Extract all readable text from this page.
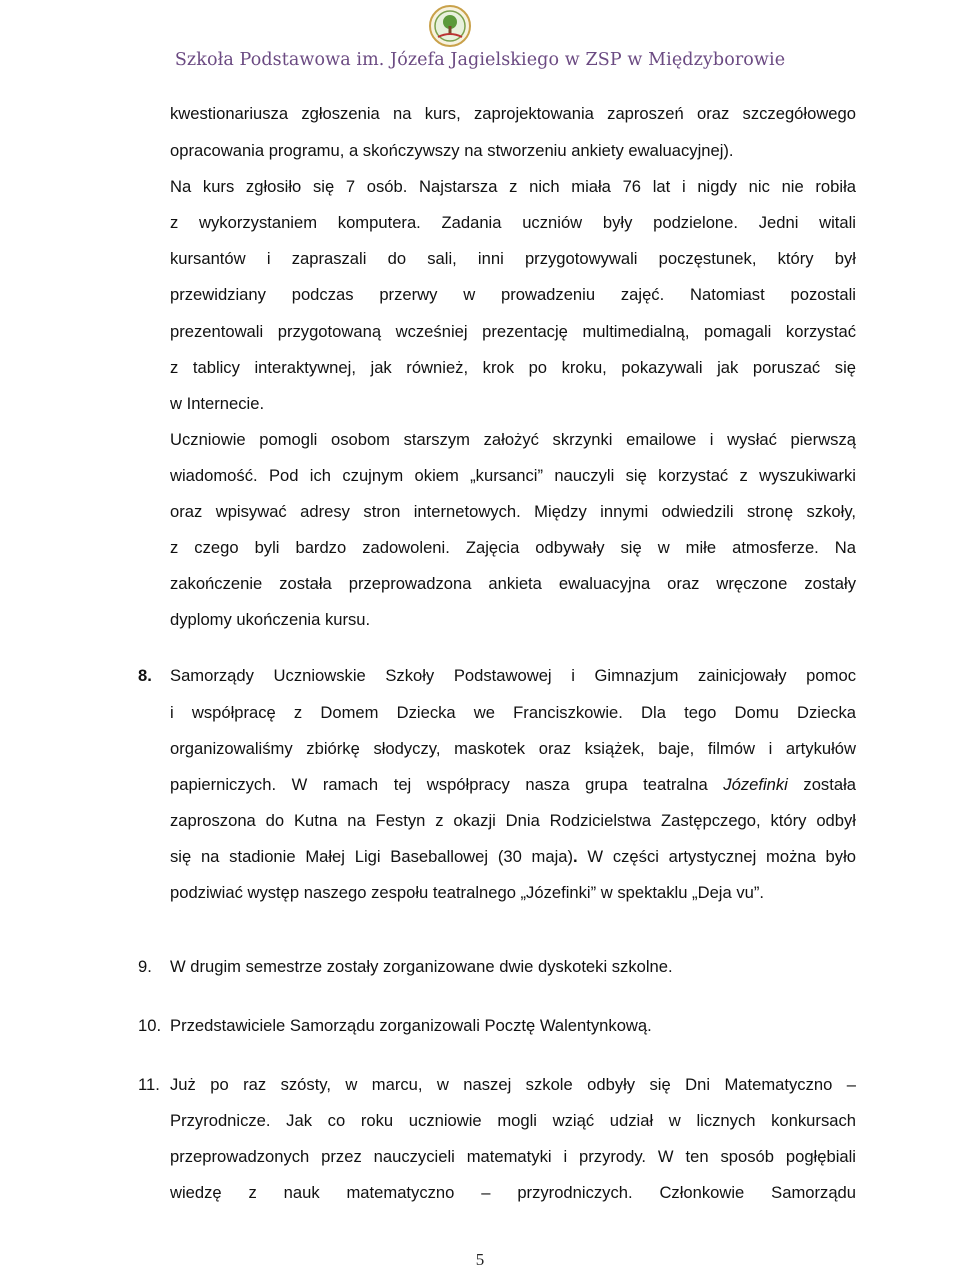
Szkoła Podstawowa im. Józefa Jagielskiego w ZSP w Międzyborowie
kwestionariusza zgłoszenia na kurs, zaprojektowania zaproszeń oraz szczegółowego
opracowania programu, a skończywszy na stworzeniu ankiety ewaluacyjnej).
Na kurs zgłosiło się 7 osób. Najstarsza z nich miała 76 lat i nigdy nic nie robiła
z wykorzystaniem komputera. Zadania uczniów były podzielone. Jedni witali
kursantów i zapraszali do sali, inni przygotowywali poczęstunek, który był
przewidziany podczas przerwy w prowadzeniu zajęć. Natomiast pozostali
prezentowali przygotowaną wcześniej prezentację multimedialną, pomagali korzystać
z tablicy interaktywnej, jak również, krok po kroku, pokazywali jak poruszać się
w Internecie.
Uczniowie pomogli osobom starszym założyć skrzynki emailowe i wysłać pierwszą
wiadomość. Pod ich czujnym okiem „kursanci” nauczyli się korzystać z wyszukiwarki
oraz wpisywać adresy stron internetowych. Między innymi odwiedzili stronę szkoły,
z czego byli bardzo zadowoleni. Zajęcia odbywały się w miłe atmosferze. Na
zakończenie została przeprowadzona ankieta ewaluacyjna oraz wręczone zostały
dyplomy ukończenia kursu.
8.	Samorządy Uczniowskie Szkoły Podstawowej i Gimnazjum zainicjowały pomoc
i współpracę z Domem Dziecka we Franciszkowie. Dla tego Domu Dziecka
organizowaliśmy zbiórkę słodyczy, maskotek oraz książek, baje, filmów i artykułów
papierniczych. W ramach tej współpracy nasza grupa teatralna Józefinki została
zaproszona do Kutna na Festyn z okazji Dnia Rodzicielstwa Zastępczego, który odbył
się na stadionie Małej Ligi Baseballowej (30 maja). W części artystycznej można było
podziwiać występ naszego zespołu teatralnego „Józefinki” w spektaklu „Deja vu”.
9.	W drugim semestrze zostały zorganizowane dwie dyskoteki szkolne.
10. Przedstawiciele Samorządu zorganizowali Pocztę Walentynkową.
11. Już po raz szósty, w marcu, w naszej szkole odbyły się Dni Matematyczno –
Przyrodnicze. Jak co roku uczniowie mogli wziąć udział w licznych konkursach
przeprowadzonych przez nauczycieli matematyki i przyrody. W ten sposób pogłębiali
wiedzę z nauk matematyczno – przyrodniczych. Członkowie Samorządu
5
